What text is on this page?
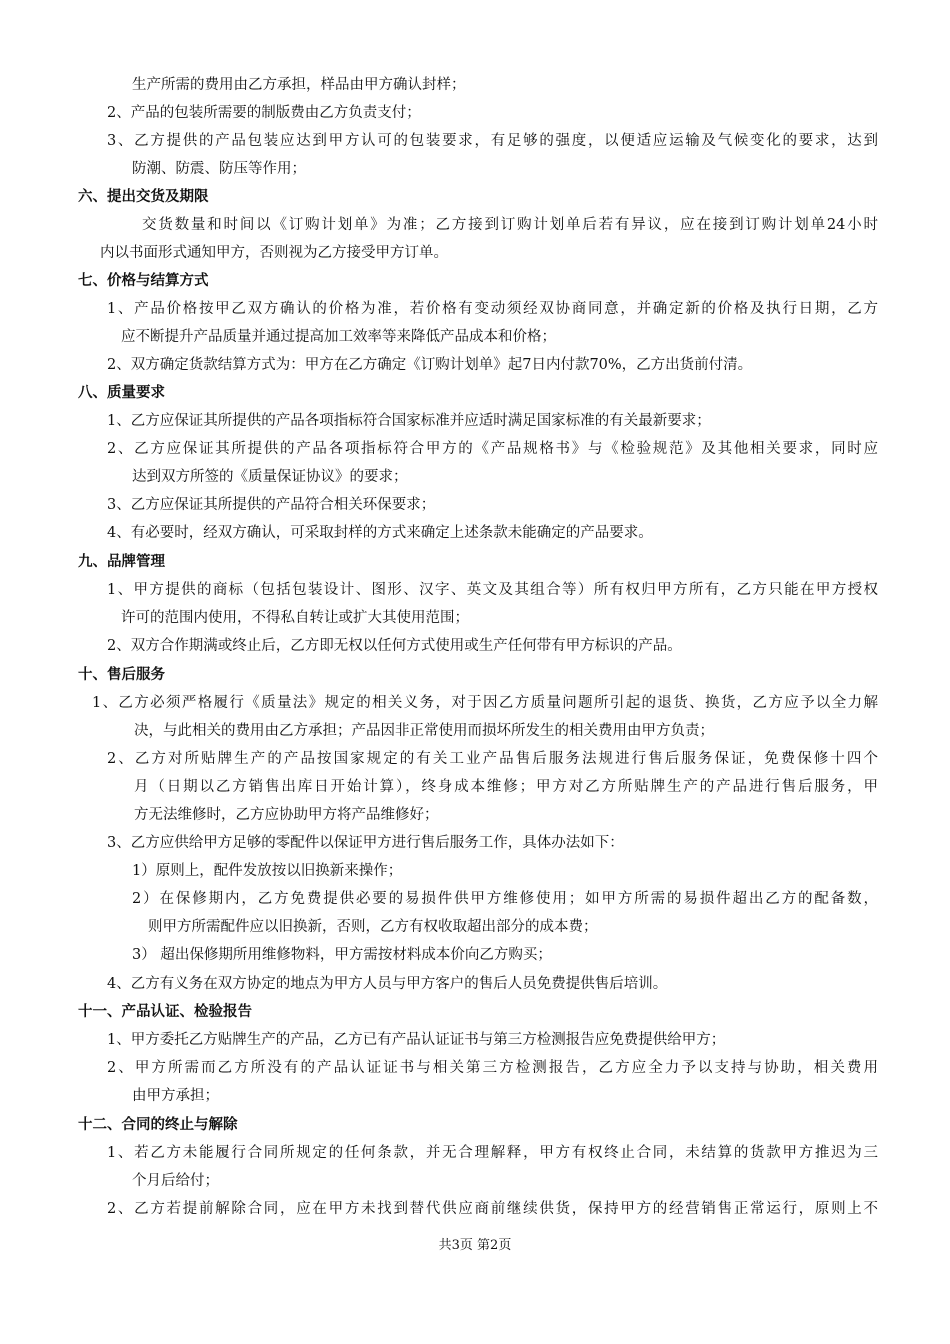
生产所需的费用由乙方承担，样品由甲方确认封样；
2、产品的包装所需要的制版费由乙方负责支付；
3、乙方提供的产品包装应达到甲方认可的包装要求，有足够的强度，以便适应运输及气候变化的要求，达到
防潮、防震、防压等作用；
六、提出交货及期限
交货数量和时间以《订购计划单》为准；乙方接到订购计划单后若有异议，应在接到订购计划单24小时
内以书面形式通知甲方，否则视为乙方接受甲方订单。
七、价格与结算方式
1、产品价格按甲乙双方确认的价格为准，若价格有变动须经双协商同意，并确定新的价格及执行日期，乙方
应不断提升产品质量并通过提高加工效率等来降低产品成本和价格；
2、双方确定货款结算方式为：甲方在乙方确定《订购计划单》起7日内付款70%，乙方出货前付清。
八、质量要求
1、乙方应保证其所提供的产品各项指标符合国家标准并应适时满足国家标准的有关最新要求；
2、乙方应保证其所提供的产品各项指标符合甲方的《产品规格书》与《检验规范》及其他相关要求，同时应
达到双方所签的《质量保证协议》的要求；
3、乙方应保证其所提供的产品符合相关环保要求；
4、有必要时，经双方确认，可采取封样的方式来确定上述条款未能确定的产品要求。
九、品牌管理
1、甲方提供的商标（包括包装设计、图形、汉字、英文及其组合等）所有权归甲方所有，乙方只能在甲方授权
许可的范围内使用，不得私自转让或扩大其使用范围；
2、双方合作期满或终止后，乙方即无权以任何方式使用或生产任何带有甲方标识的产品。
十、售后服务
1、乙方必须严格履行《质量法》规定的相关义务，对于因乙方质量问题所引起的退货、换货，乙方应予以全力解
决，与此相关的费用由乙方承担；产品因非正常使用而损坏所发生的相关费用由甲方负责；
2、乙方对所贴牌生产的产品按国家规定的有关工业产品售后服务法规进行售后服务保证，免费保修十四个
月（日期以乙方销售出库日开始计算），终身成本维修；甲方对乙方所贴牌生产的产品进行售后服务，甲
方无法维修时，乙方应协助甲方将产品维修好；
3、乙方应供给甲方足够的零配件以保证甲方进行售后服务工作，具体办法如下：
1）原则上，配件发放按以旧换新来操作；
2）在保修期内，乙方免费提供必要的易损件供甲方维修使用；如甲方所需的易损件超出乙方的配备数，
则甲方所需配件应以旧换新，否则，乙方有权收取超出部分的成本费；
3） 超出保修期所用维修物料，甲方需按材料成本价向乙方购买；
4、乙方有义务在双方协定的地点为甲方人员与甲方客户的售后人员免费提供售后培训。
十一、产品认证、检验报告
1、甲方委托乙方贴牌生产的产品，乙方已有产品认证证书与第三方检测报告应免费提供给甲方；
2、甲方所需而乙方所没有的产品认证证书与相关第三方检测报告，乙方应全力予以支持与协助，相关费用
由甲方承担；
十二、合同的终止与解除
1、若乙方未能履行合同所规定的任何条款，并无合理解释，甲方有权终止合同，未结算的货款甲方推迟为三
个月后给付；
2、乙方若提前解除合同，应在甲方未找到替代供应商前继续供货，保持甲方的经营销售正常运行，原则上不
共3页 第2页
